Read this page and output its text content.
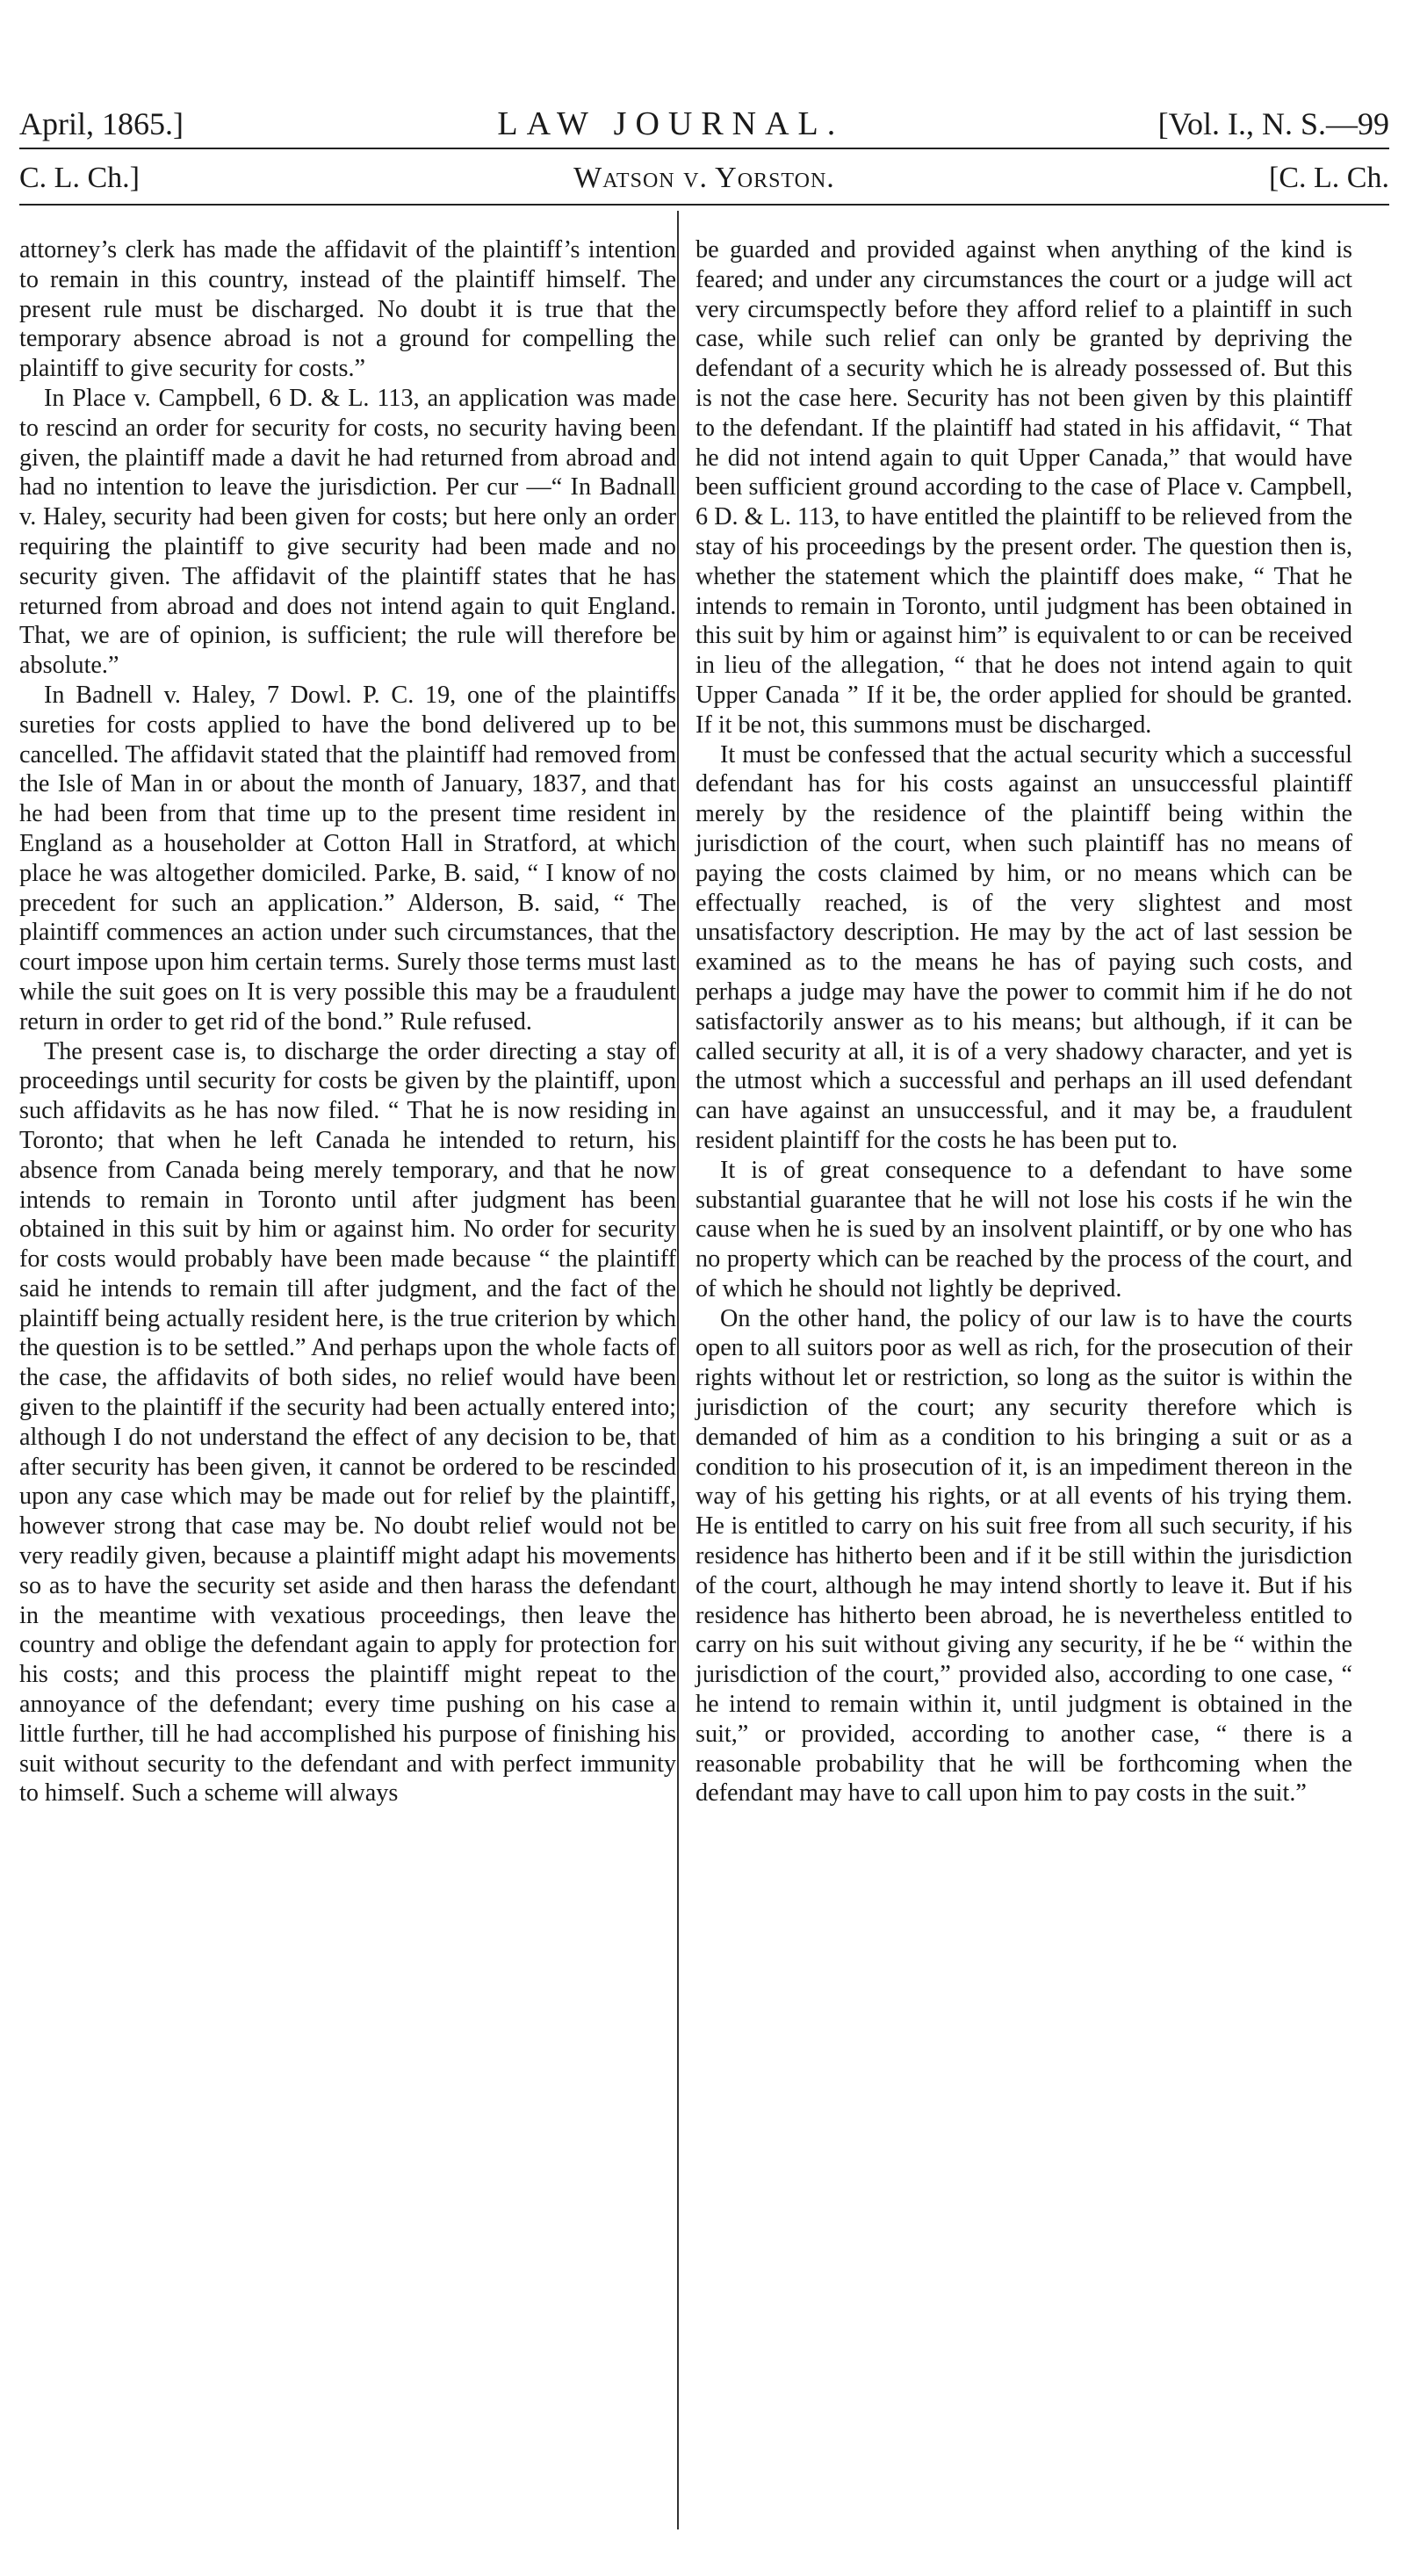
April, 1865.]	LAW JOURNAL.	[Vol. I., N. S.—99
C. L. Ch.]	Watson v. Yorston.	[C. L. Ch.

attorney’s clerk has made the affidavit of the plaintiff’s intention to remain in this country, instead of the plaintiff himself. The present rule must be discharged. No doubt it is true that the temporary absence abroad is not a ground for compelling the plaintiff to give security for costs.”

In Place v. Campbell, 6 D. & L. 113, an application was made to rescind an order for security for costs, no security having been given, the plaintiff made a davit he had returned from abroad and had no intention to leave the jurisdiction. Per cur —“ In Badnall v. Haley, security had been given for costs; but here only an order requiring the plaintiff to give security had been made and no security given. The affidavit of the plaintiff states that he has returned from abroad and does not intend again to quit England. That, we are of opinion, is sufficient; the rule will therefore be absolute.”

In Badnell v. Haley, 7 Dowl. P. C. 19, one of the plaintiffs sureties for costs applied to have the bond delivered up to be cancelled. The affidavit stated that the plaintiff had removed from the Isle of Man in or about the month of January, 1837, and that he had been from that time up to the present time resident in England as a householder at Cotton Hall in Stratford, at which place he was altogether domiciled. Parke, B. said, “ I know of no precedent for such an application.” Alderson, B. said, “ The plaintiff commences an action under such circumstances, that the court impose upon him certain terms. Surely those terms must last while the suit goes on It is very possible this may be a fraudulent return in order to get rid of the bond.” Rule refused.

The present case is, to discharge the order directing a stay of proceedings until security for costs be given by the plaintiff, upon such affidavits as he has now filed. “ That he is now residing in Toronto; that when he left Canada he intended to return, his absence from Canada being merely temporary, and that he now intends to remain in Toronto until after judgment has been obtained in this suit by him or against him. No order for security for costs would probably have been made because “ the plaintiff said he intends to remain till after judgment, and the fact of the plaintiff being actually resident here, is the true criterion by which the question is to be settled.” And perhaps upon the whole facts of the case, the affidavits of both sides, no relief would have been given to the plaintiff if the security had been actually entered into; although I do not understand the effect of any decision to be, that after security has been given, it cannot be ordered to be rescinded upon any case which may be made out for relief by the plaintiff, however strong that case may be. No doubt relief would not be very readily given, because a plaintiff might adapt his movements so as to have the security set aside and then harass the defendant in the meantime with vexatious proceedings, then leave the country and oblige the defendant again to apply for protection for his costs; and this process the plaintiff might repeat to the annoyance of the defendant; every time pushing on his case a little further, till he had accomplished his purpose of finishing his suit without security to the defendant and with perfect immunity to himself. Such a scheme will always

be guarded and provided against when anything of the kind is feared; and under any circumstances the court or a judge will act very circumspectly before they afford relief to a plaintiff in such case, while such relief can only be granted by depriving the defendant of a security which he is already possessed of. But this is not the case here. Security has not been given by this plaintiff to the defendant. If the plaintiff had stated in his affidavit, “ That he did not intend again to quit Upper Canada,” that would have been sufficient ground according to the case of Place v. Campbell, 6 D. & L. 113, to have entitled the plaintiff to be relieved from the stay of his proceedings by the present order. The question then is, whether the statement which the plaintiff does make, “ That he intends to remain in Toronto, until judgment has been obtained in this suit by him or against him” is equivalent to or can be received in lieu of the allegation, “ that he does not intend again to quit Upper Canada ” If it be, the order applied for should be granted. If it be not, this summons must be discharged.

It must be confessed that the actual security which a successful defendant has for his costs against an unsuccessful plaintiff merely by the residence of the plaintiff being within the jurisdiction of the court, when such plaintiff has no means of paying the costs claimed by him, or no means which can be effectually reached, is of the very slightest and most unsatisfactory description. He may by the act of last session be examined as to the means he has of paying such costs, and perhaps a judge may have the power to commit him if he do not satisfactorily answer as to his means; but although, if it can be called security at all, it is of a very shadowy character, and yet is the utmost which a successful and perhaps an ill used defendant can have against an unsuccessful, and it may be, a fraudulent resident plaintiff for the costs he has been put to.

It is of great consequence to a defendant to have some substantial guarantee that he will not lose his costs if he win the cause when he is sued by an insolvent plaintiff, or by one who has no property which can be reached by the process of the court, and of which he should not lightly be deprived.

On the other hand, the policy of our law is to have the courts open to all suitors poor as well as rich, for the prosecution of their rights without let or restriction, so long as the suitor is within the jurisdiction of the court; any security therefore which is demanded of him as a condition to his bringing a suit or as a condition to his prosecution of it, is an impediment thereon in the way of his getting his rights, or at all events of his trying them. He is entitled to carry on his suit free from all such security, if his residence has hitherto been and if it be still within the jurisdiction of the court, although he may intend shortly to leave it. But if his residence has hitherto been abroad, he is nevertheless entitled to carry on his suit without giving any security, if he be “ within the jurisdiction of the court,” provided also, according to one case, “ he intend to remain within it, until judgment is obtained in the suit,” or provided, according to another case, “ there is a reasonable probability that he will be forthcoming when the defendant may have to call upon him to pay costs in the suit.”
